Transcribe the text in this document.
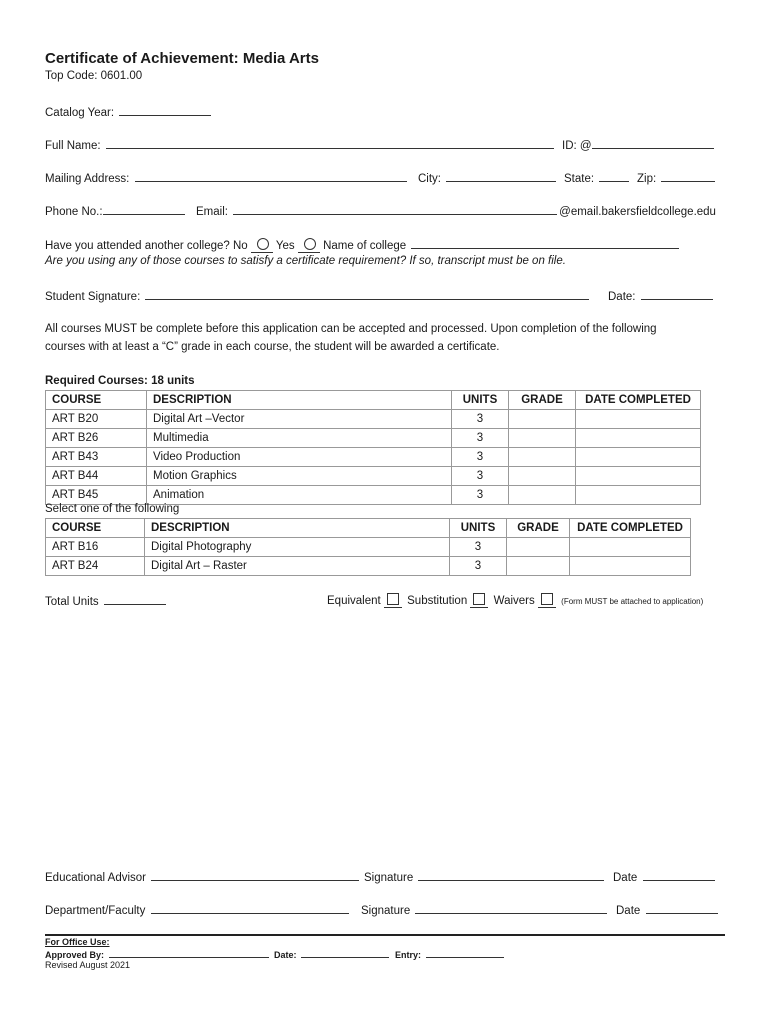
Certificate of Achievement: Media Arts
Top Code: 0601.00
Catalog Year:
Full Name:	ID: @
Mailing Address:	City:	State:	Zip:
Phone No.:	Email:	@email.bakersfieldcollege.edu
Have you attended another college? No Yes Name of college
Are you using any of those courses to satisfy a certificate requirement? If so, transcript must be on file.
Student Signature:	Date:
All courses MUST be complete before this application can be accepted and processed. Upon completion of the following
courses with at least a “C” grade in each course, the student will be awarded a certificate.
Required Courses: 18 units
COURSE	DESCRIPTION	UNITS	GRADE	DATE COMPLETED
ART B20	Digital Art –Vector	3		
ART B26	Multimedia	3		
ART B43	Video Production	3		
ART B44	Motion Graphics	3		
ART B45	Animation	3		
Select one of the following
COURSE	DESCRIPTION	UNITS	GRADE	DATE COMPLETED
ART B16	Digital Photography	3		
ART B24	Digital Art – Raster	3		
Total Units	Equivalent Substitution Waivers	(Form MUST be attached to application)
Educational Advisor	Signature	Date
Department/Faculty	Signature	Date
For Office Use:
Approved By:	Date:	Entry:
Revised August 2021
